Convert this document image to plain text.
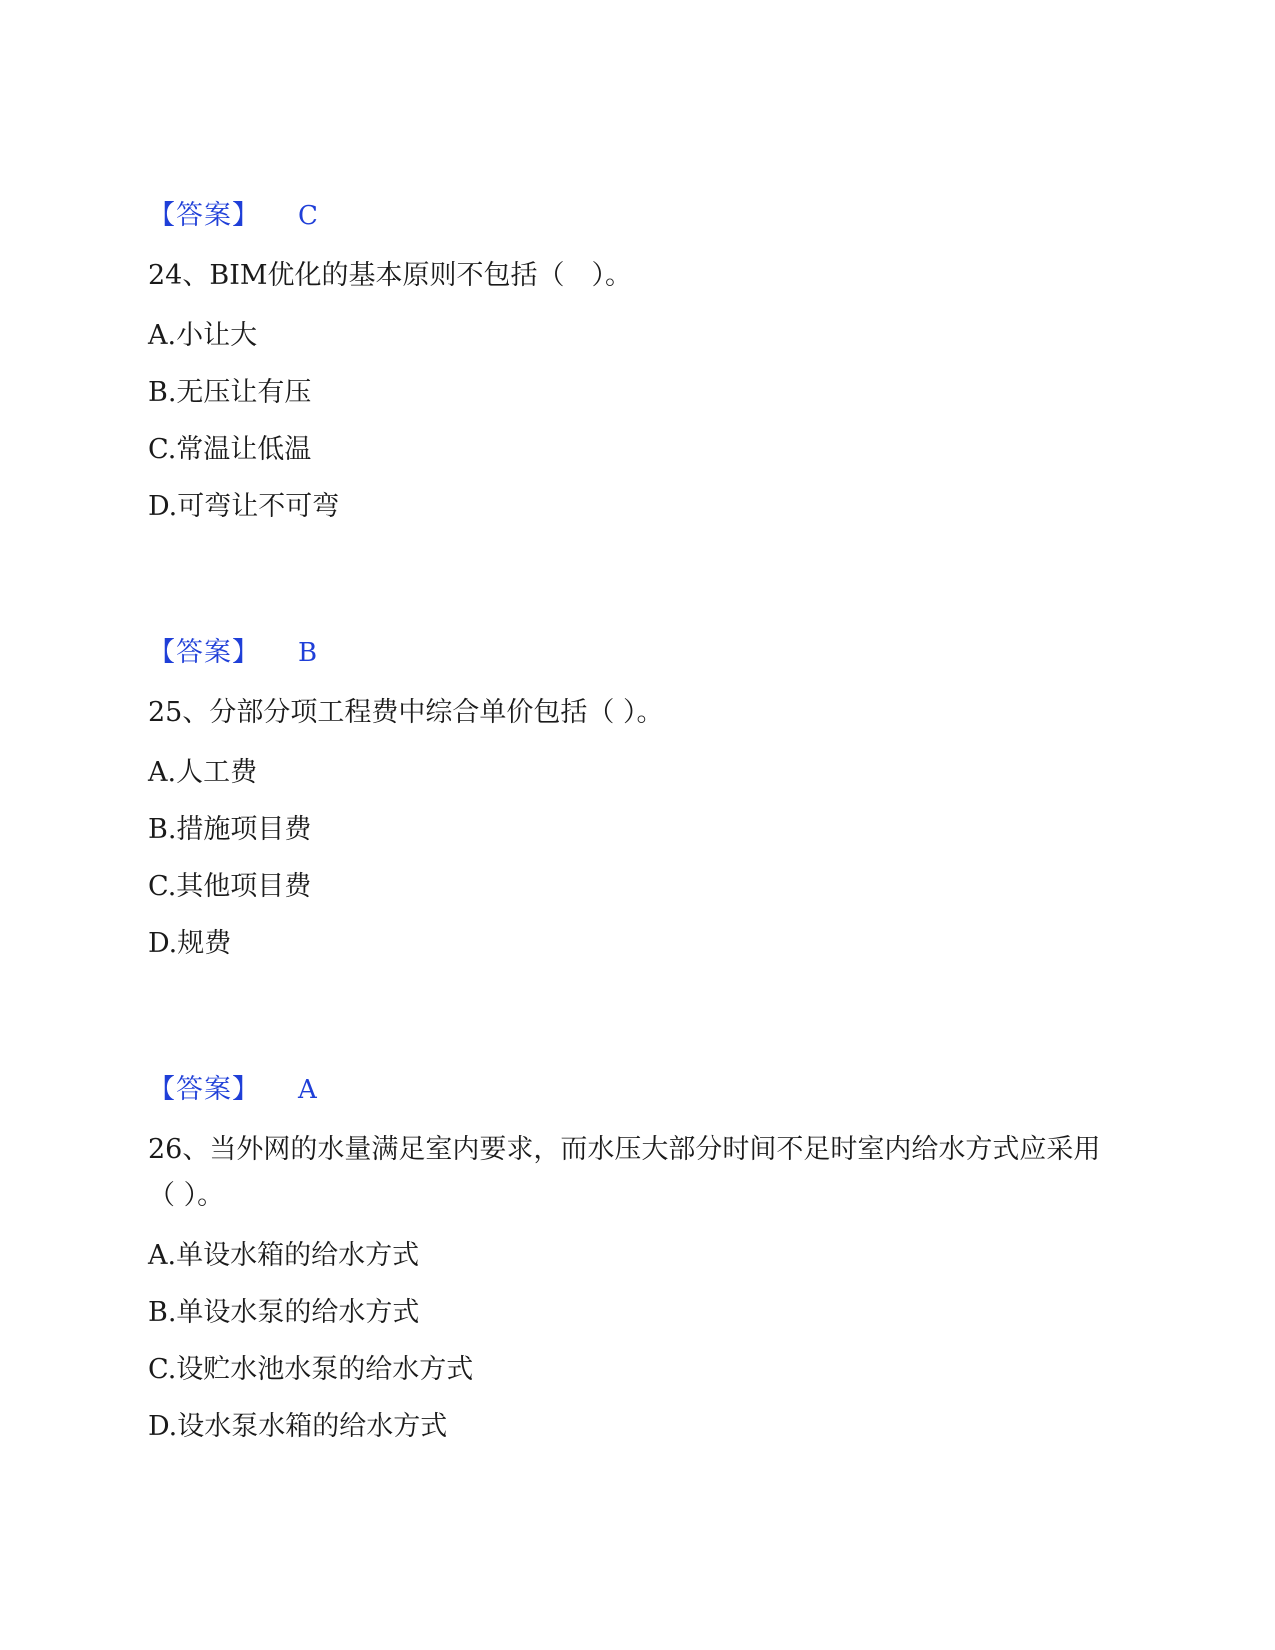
【答案】 C
24、BIM优化的基本原则不包括（　）。
A.小让大
B.无压让有压
C.常温让低温
D.可弯让不可弯
【答案】 B
25、分部分项工程费中综合单价包括（ ）。
A.人工费
B.措施项目费
C.其他项目费
D.规费
【答案】 A
26、当外网的水量满足室内要求，而水压大部分时间不足时室内给水方式应采用（ ）。
A.单设水箱的给水方式
B.单设水泵的给水方式
C.设贮水池水泵的给水方式
D.设水泵水箱的给水方式
